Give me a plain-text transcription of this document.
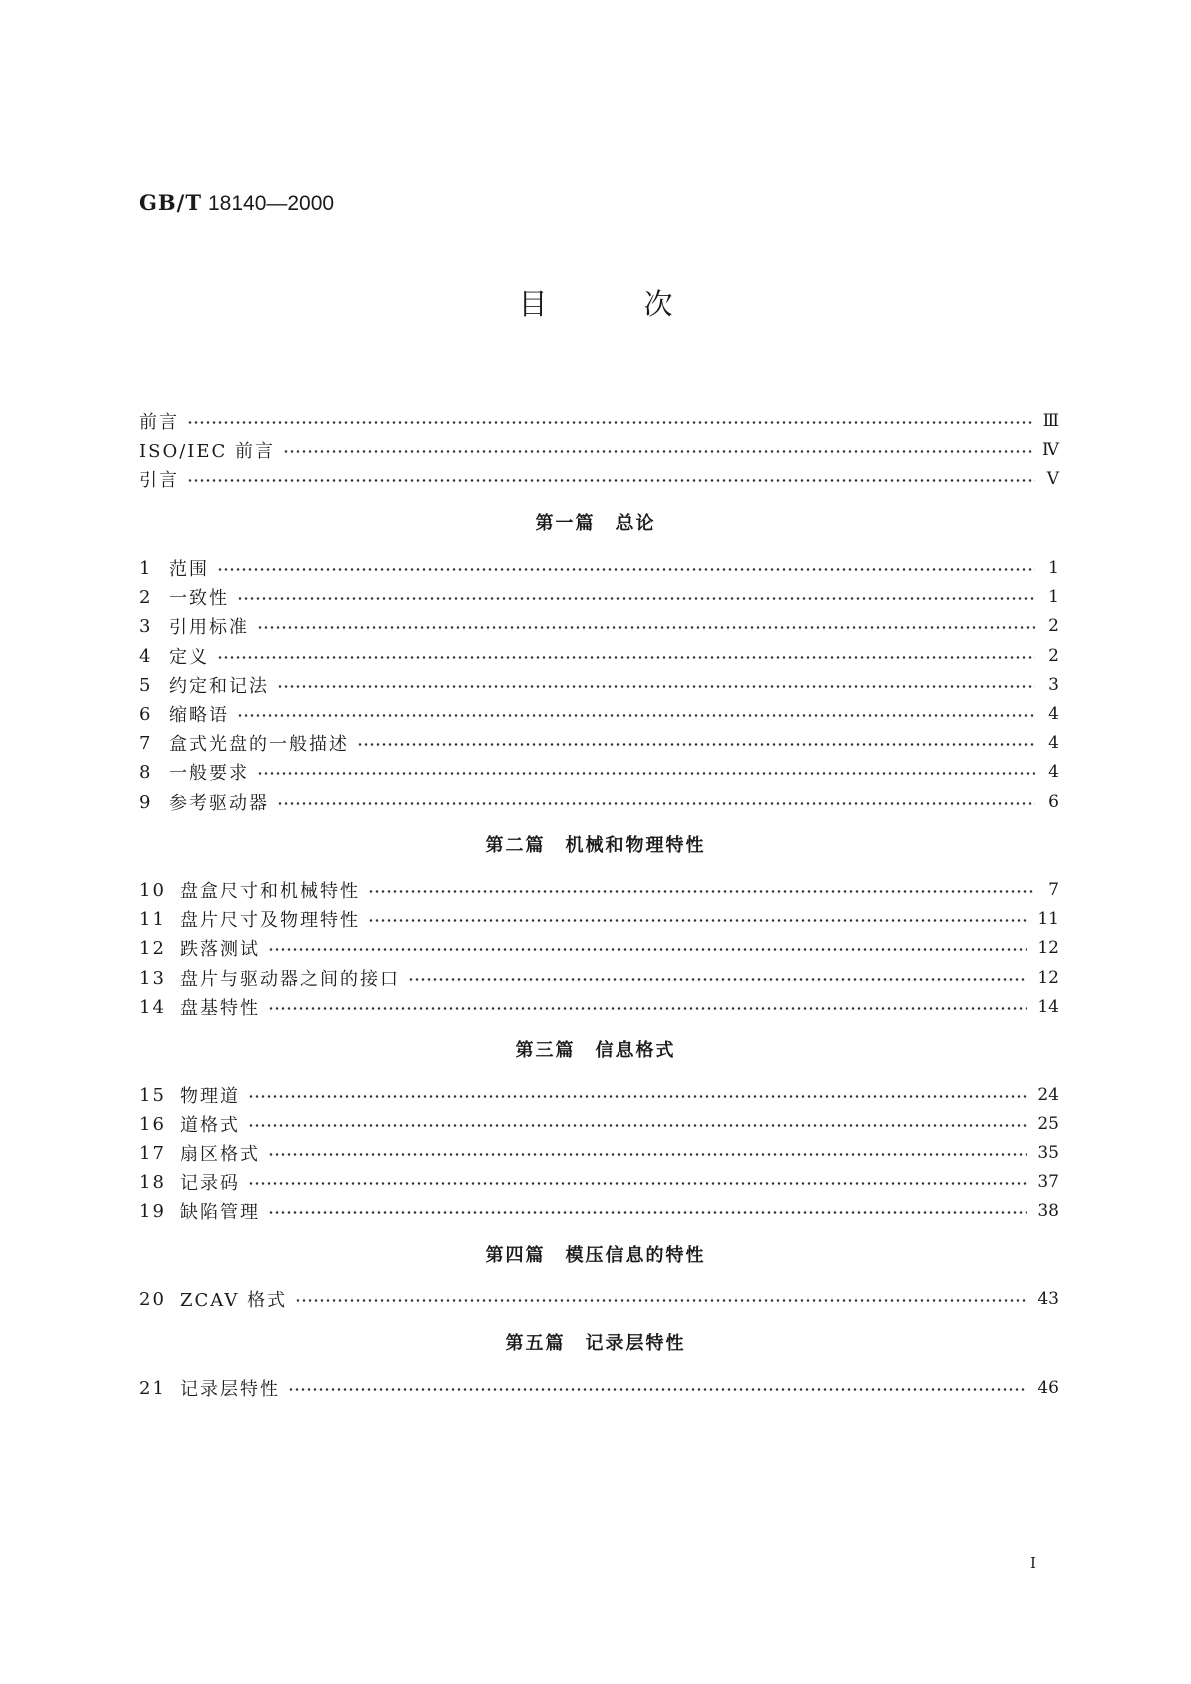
GB/T 18140—2000
目	次
前言	Ⅲ
ISO/IEC 前言	Ⅳ
引言	Ⅴ
第一篇 总论
1 范围	1
2 一致性	1
3 引用标准	2
4 定义	2
5 约定和记法	3
6 缩略语	4
7 盒式光盘的一般描述	4
8 一般要求	4
9 参考驱动器	6
第二篇 机械和物理特性
10 盘盒尺寸和机械特性	7
11 盘片尺寸及物理特性	11
12 跌落测试	12
13 盘片与驱动器之间的接口	12
14 盘基特性	14
第三篇 信息格式
15 物理道	24
16 道格式	25
17 扇区格式	35
18 记录码	37
19 缺陷管理	38
第四篇 模压信息的特性
20 ZCAV 格式	43
第五篇 记录层特性
21 记录层特性	46
Ⅰ
